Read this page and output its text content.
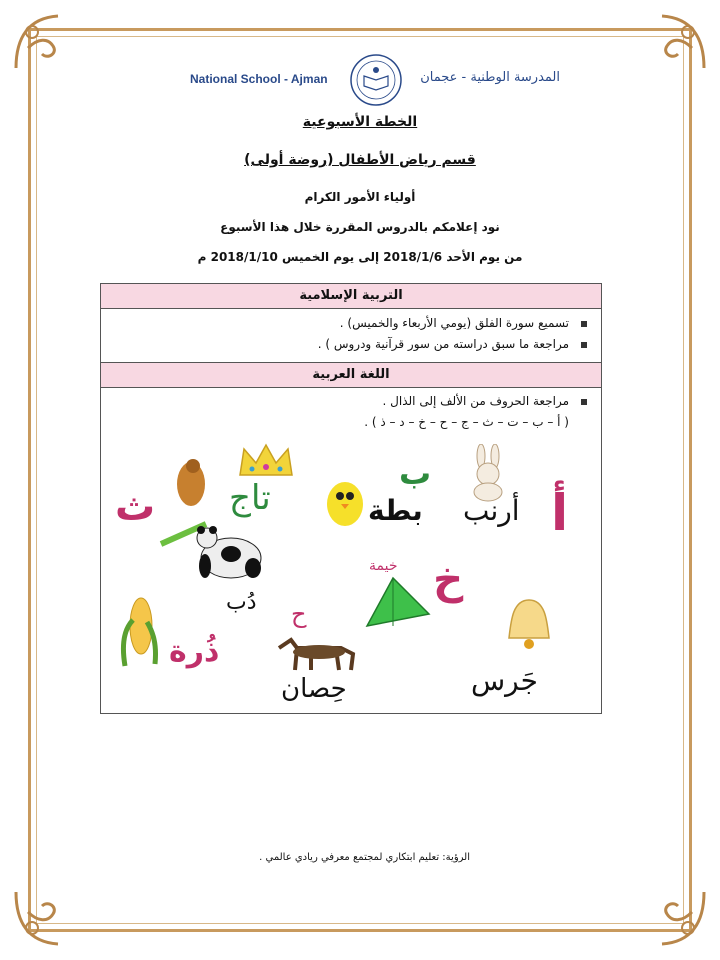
National School - Ajman	المدرسة الوطنية - عجمان
الخطة الأسبوعية
قسم رياض الأطفال (روضة أولى)
أولياء الأمور الكرام
نود إعلامكم بالدروس المقررة خلال هذا الأسبوع
من يوم الأحد 2018/1/6 إلى يوم الخميس 2018/1/10 م
التربية الإسلامية
تسميع سورة الفلق (يومي الأربعاء والخميس) .
مراجعة ما سبق دراسته من سور قرآنية ودروس ) .
اللغة العربية
مراجعة الحروف من الألف إلى الذال .
( أ – ب – ت – ث – ج – ح – خ – د – ذ ) .
ث تاج	بطة
ب
أرنب أ
دُب
خيمة خ
جَرس
ذُرة
ح
حِصان
الرؤية: تعليم ابتكاري لمجتمع معرفي ريادي عالمي .
